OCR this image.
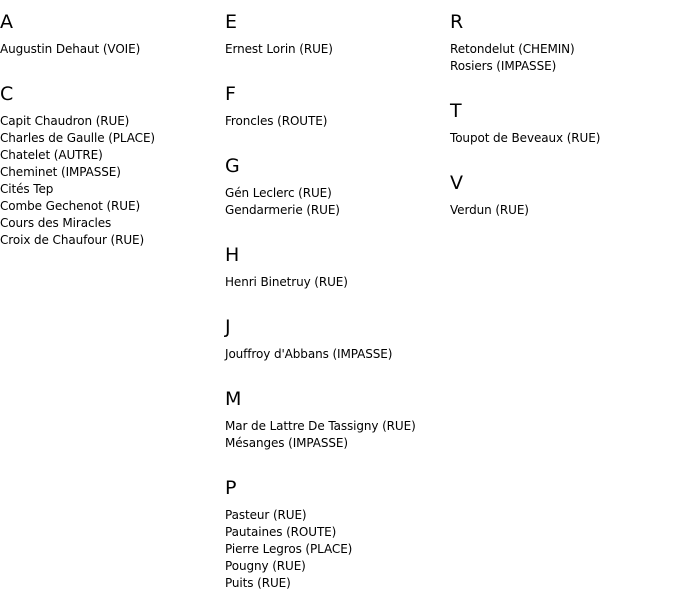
A
Augustin Dehaut (VOIE)
C
Capit Chaudron (RUE)
Charles de Gaulle (PLACE)
Chatelet (AUTRE)
Cheminet (IMPASSE)
Cités Tep
Combe Gechenot (RUE)
Cours des Miracles
Croix de Chaufour (RUE)
E
Ernest Lorin (RUE)
F
Froncles (ROUTE)
G
Gén Leclerc (RUE)
Gendarmerie (RUE)
H
Henri Binetruy (RUE)
J
Jouffroy d'Abbans (IMPASSE)
M
Mar de Lattre De Tassigny (RUE)
Mésanges (IMPASSE)
P
Pasteur (RUE)
Pautaines (ROUTE)
Pierre Legros (PLACE)
Pougny (RUE)
Puits (RUE)
R
Retondelut (CHEMIN)
Rosiers (IMPASSE)
T
Toupot de Beveaux (RUE)
V
Verdun (RUE)
